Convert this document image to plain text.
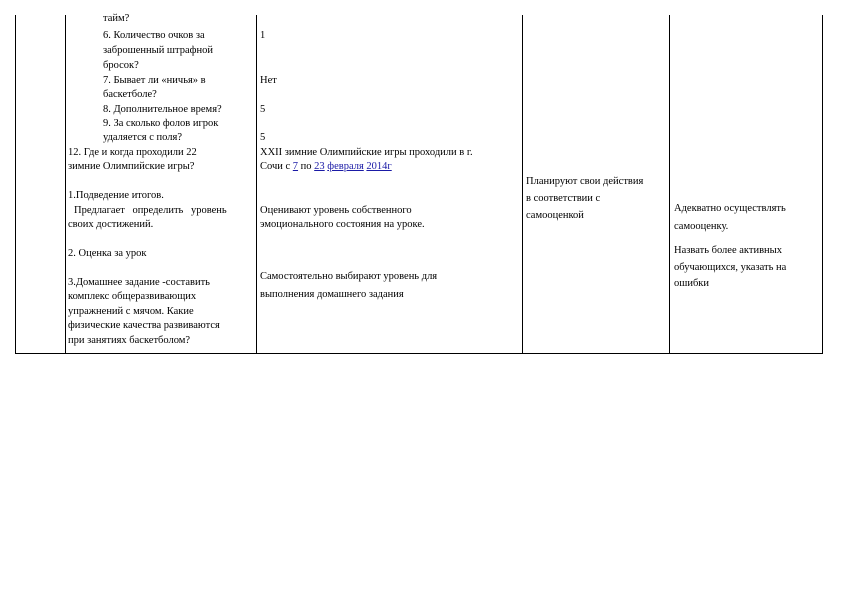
тайм?
6. Количество очков за
заброшенный штрафной
бросок?
7. Бывает ли «ничья» в
баскетболе?
8. Дополнительное время?
9. За сколько фолов игрок
удаляется с поля?
12. Где и когда проходили 22
зимние Олимпийские игры?
1.Подведение итогов.
Предлагает определить уровень
своих достижений.
2. Оценка за урок
3.Домашнее задание -составить
комплекс общеразвивающих
упражнений с мячом. Какие
физические качества развиваются
при занятиях баскетболом?
1
Нет
5
5
XXII зимние Олимпийские игры проходили в г.
Сочи с 7 по 23 февраля 2014г
Оценивают уровень собственного
эмоционального состояния на уроке.
Самостоятельно выбирают уровень для
выполнения домашнего задания
Планируют свои действия
в соответствии с
самооценкой
Адекватно осуществлять
самооценку.
Назвать более активных
обучающихся, указать на
ошибки
